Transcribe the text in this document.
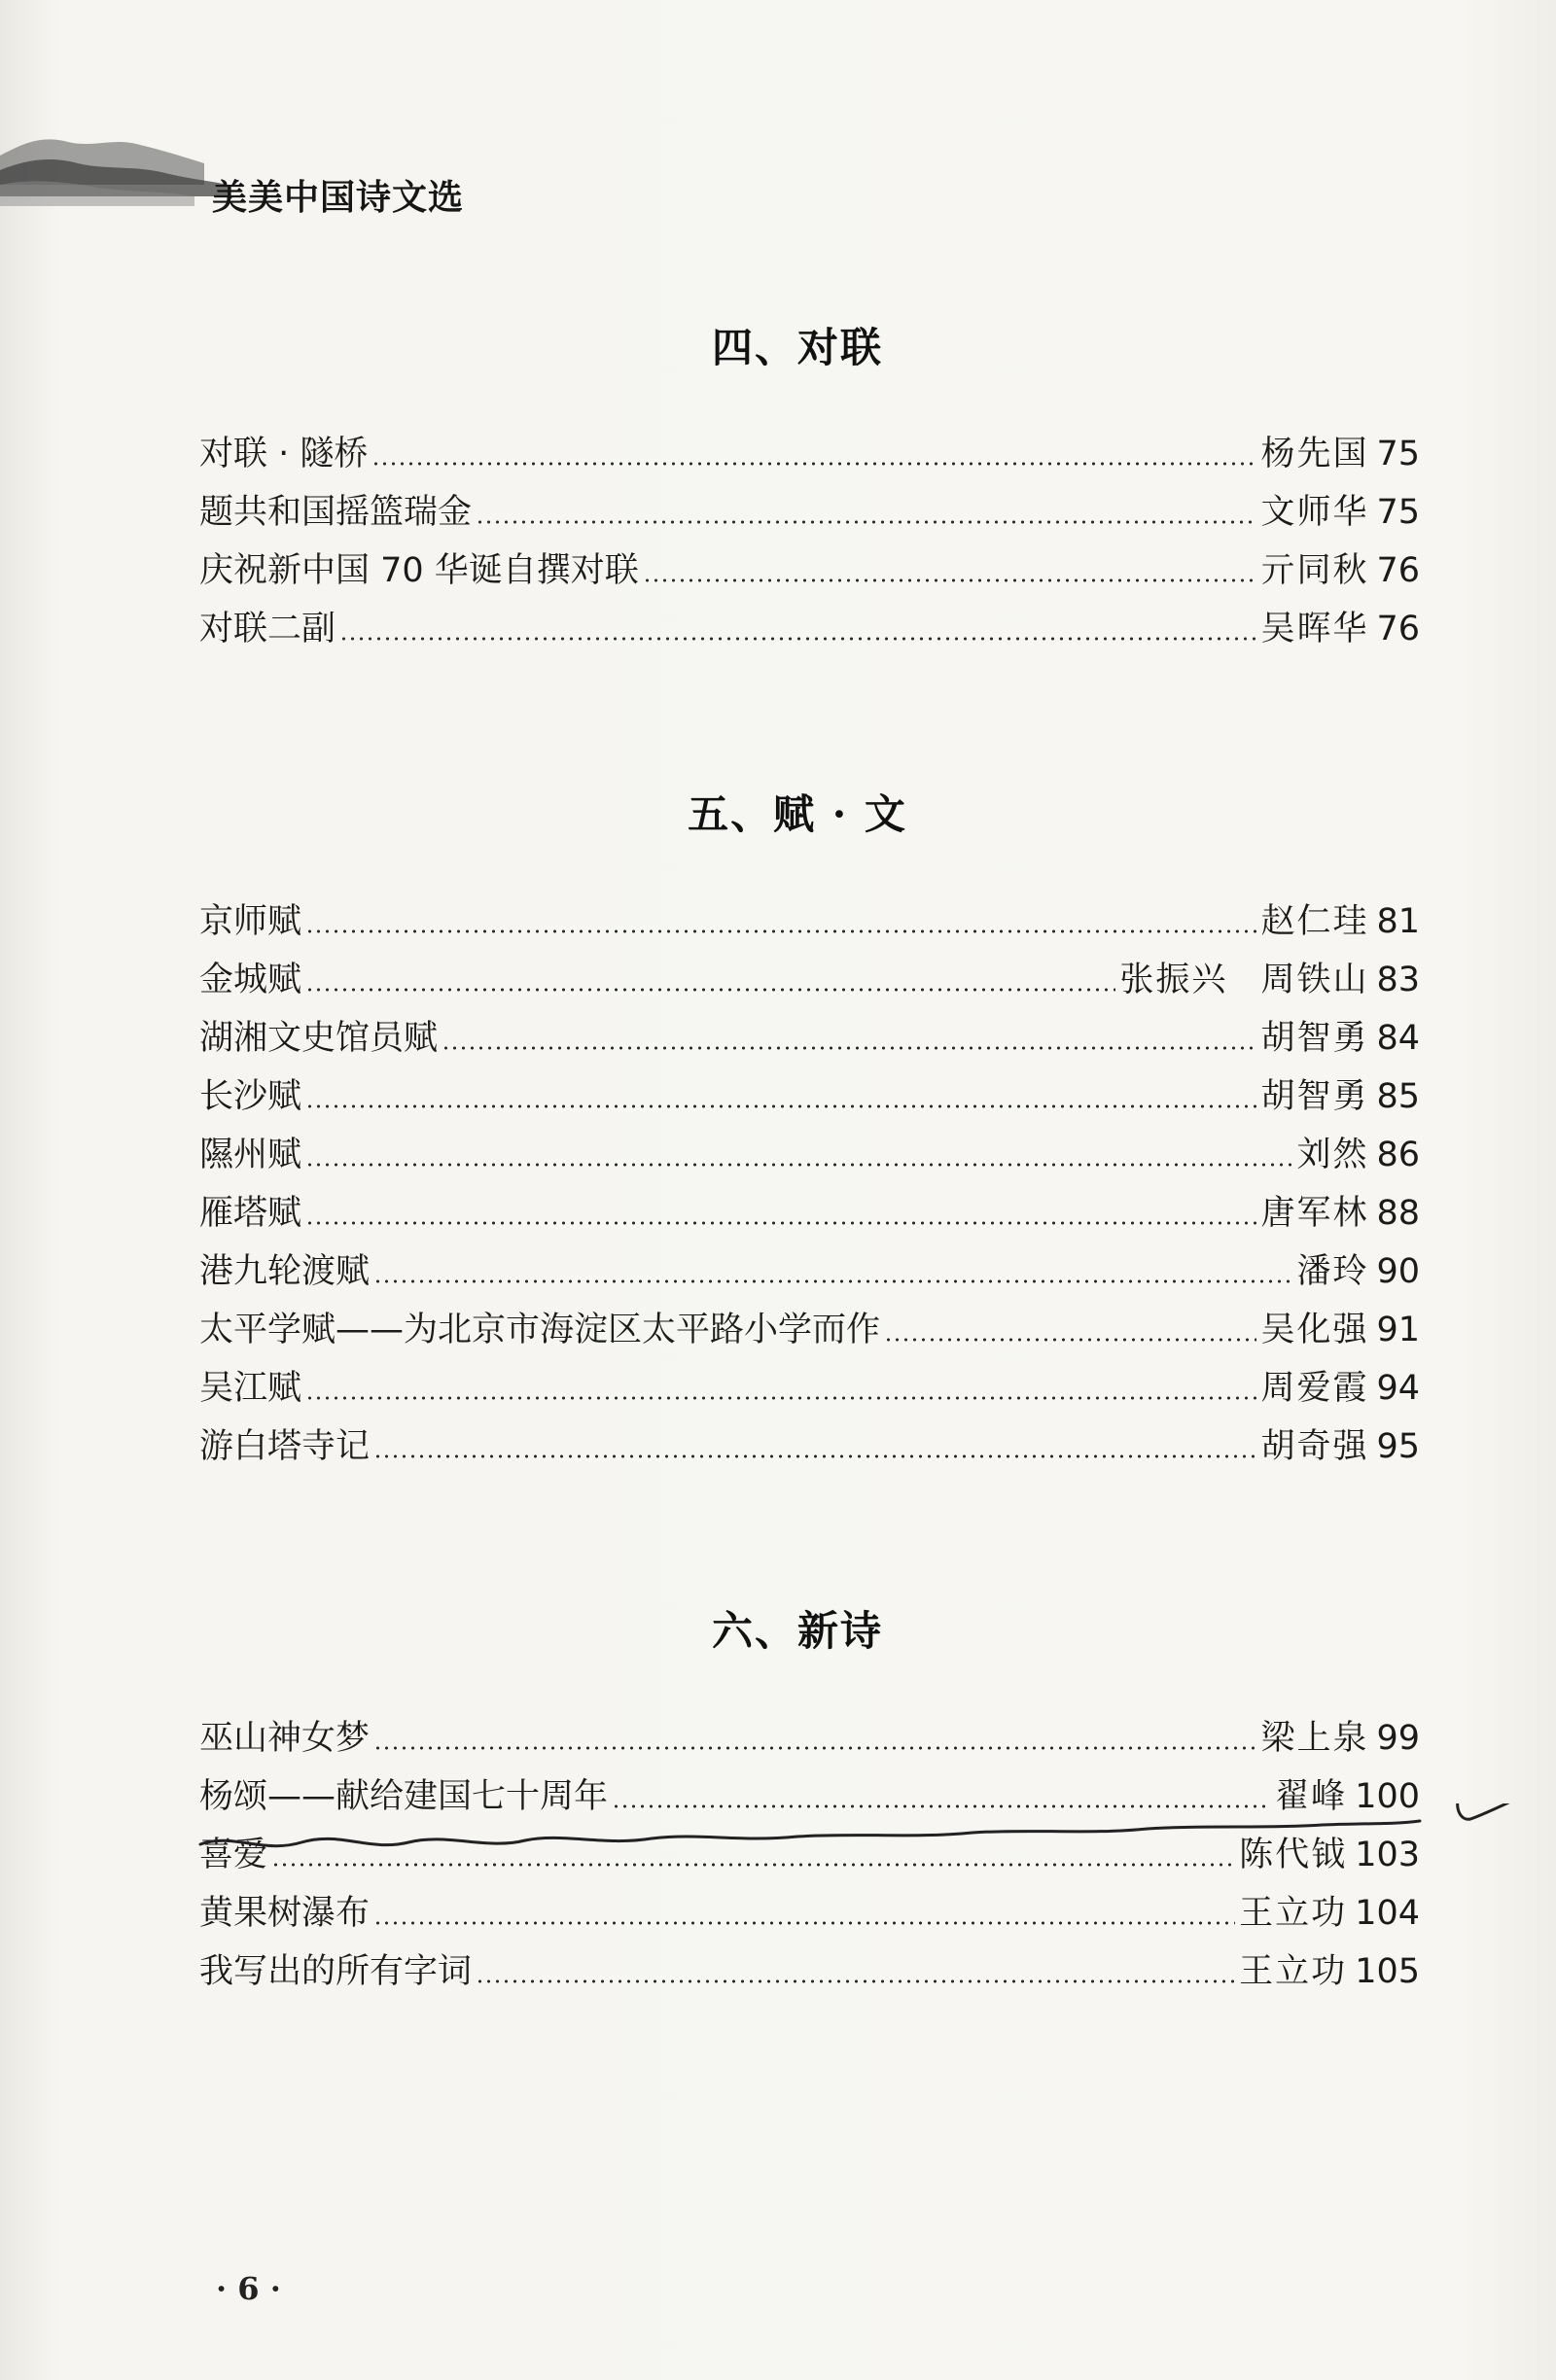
美美中国诗文选
四、对联
对联 · 隧桥	杨先国 75
题共和国摇篮瑞金	文师华 75
庆祝新中国 70 华诞自撰对联	亓同秋 76
对联二副	吴晖华 76
五、赋 · 文
京师赋	赵仁珪 81
金城赋	张振兴 周铁山 83
湖湘文史馆员赋	胡智勇 84
长沙赋	胡智勇 85
隰州赋	刘然 86
雁塔赋	唐军林 88
港九轮渡赋	潘玲 90
太平学赋——为北京市海淀区太平路小学而作	吴化强 91
吴江赋	周爱霞 94
游白塔寺记	胡奇强 95
六、新诗
巫山神女梦	梁上泉 99
杨颂——献给建国七十周年	翟峰 100
喜爱	陈代钺 103
黄果树瀑布	王立功 104
我写出的所有字词	王立功 105
· 6 ·
